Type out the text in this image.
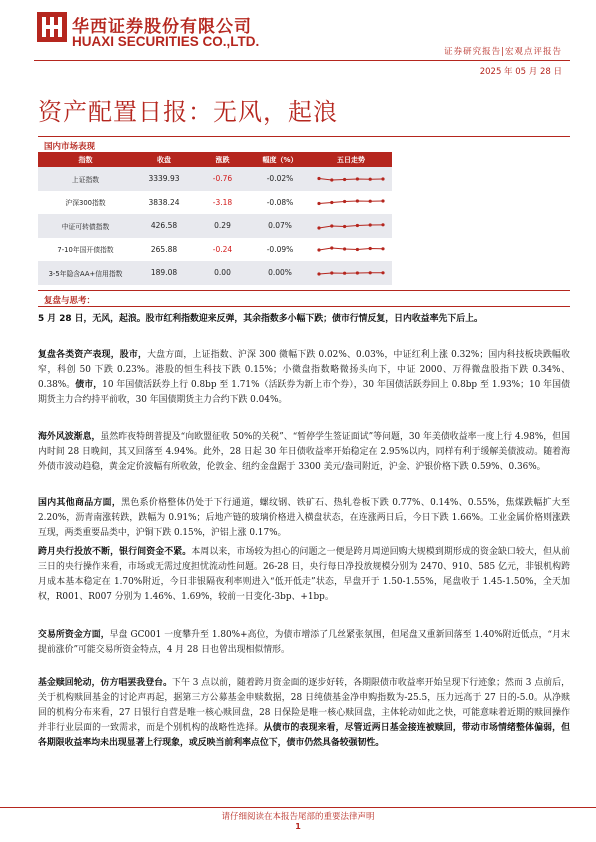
华西证券股份有限公司
HUAXI SECURITIES CO.,LTD.
证券研究报告|宏观点评报告
2025 年 05 月 28 日
资产配置日报：无风，起浪
国内市场表现
指数	收盘	涨跌	幅度（%）	五日走势
上证指数	3339.93	-0.76	-0.02%	

沪深300指数	3838.24	-3.18	-0.08%	

中证可转债指数	426.58	0.29	0.07%	

7-10年国开债指数	265.88	-0.24	-0.09%	

3-5年隐含AA+信用指数	189.08	0.00	0.00%	
复盘与思考：
5 月 28 日，无风，起浪。股市红利指数迎来反弹，其余指数多小幅下跌；债市行情反复，日内收益率先下后上。
复盘各类资产表现，股市，大盘方面，上证指数、沪深 300 微幅下跌 0.02%、0.03%，中证红利上涨 0.32%；国内科技板块跌幅收窄，科创 50 下跌 0.23%。港股的恒生科技下跌 0.15%；小微盘指数略微扬头向下，中证 2000、万得微盘股指下跌 0.34%、0.38%。债市，10 年国债活跃券上行 0.8bp 至 1.71%（活跃券为新上市个券），30 年国债活跃券回上 0.8bp 至 1.93%；10 年国债期货主力合约持平前收，30 年国债期货主力合约下跌 0.04%。
海外风波渐息，虽然昨夜特朗普提及“向欧盟征收 50%的关税”、“暂停学生签证面试”等问题，30 年美债收益率一度上行 4.98%，但国内时间 28 日晚间，其又回落至 4.94%。此外，28 日起 30 年日债收益率开始稳定在 2.95%以内，同样有利于缓解美债波动。随着海外债市波动趋稳，黄金定价波幅有所收敛，伦敦金、纽约金盘踞于 3300 美元/盎司附近，沪金、沪银价格下跌 0.59%、0.36%。
国内其他商品方面，黑色系价格整体仍处于下行通道，螺纹钢、铁矿石、热轧卷板下跌 0.77%、0.14%、0.55%，焦煤跌幅扩大至 2.20%，沥青南涨转跌，跌幅为 0.91%；后地产链的玻璃价格进入横盘状态，在连涨两日后，今日下跌 1.66%。工业金属价格则涨跌互现，两类重要品类中，沪铜下跌 0.15%，沪铝上涨 0.17%。
跨月央行投放不断，银行间资金不紧。本周以来，市场较为担心的问题之一便是跨月周逆回购大规模到期形成的资金缺口较大，但从前三日的央行操作来看，市场或无需过度担忧流动性问题。26-28 日，央行每日净投放规模分别为 2470、910、585 亿元，非银机构跨月成本基本稳定在 1.70%附近，今日非银隔夜利率则进入“低开低走”状态，早盘开于 1.50-1.55%，尾盘收于 1.45-1.50%，全天加权，R001、R007 分别为 1.46%、1.69%，较前一日变化-3bp、+1bp。
交易所资金方面，早盘 GC001 一度攀升至 1.80%+高位，为债市增添了几丝紧张氛围，但尾盘又重新回落至 1.40%附近低点，“月末提前涨价”可能交易所资金特点，4 月 28 日也曾出现相似情形。
基金赎回轮动，仿方唱罢我登台。下午 3 点以前，随着跨月资金面的逐步好转，各期限债市收益率开始呈现下行迹象；然而 3 点前后，关于机构赎回基金的讨论声再起，据第三方公募基金申赎数据，28 日纯债基金净申购指数为-25.5，压力远高于 27 日的-5.0。从净赎回的机构分布来看，27 日银行自营是唯一核心赎回盘，28 日保险是唯一核心赎回盘，主体轮动如此之快，可能意味着近期的赎回操作并非行业层面的一致需求，而是个别机构的战略性选择。从债市的表现来看，尽管近两日基金接连被赎回，带动市场情绪整体偏弱，但各期限收益率均未出现显著上行现象，或反映当前利率点位下，债市仍然具备较强韧性。
请仔细阅读在本报告尾部的重要法律声明
1
